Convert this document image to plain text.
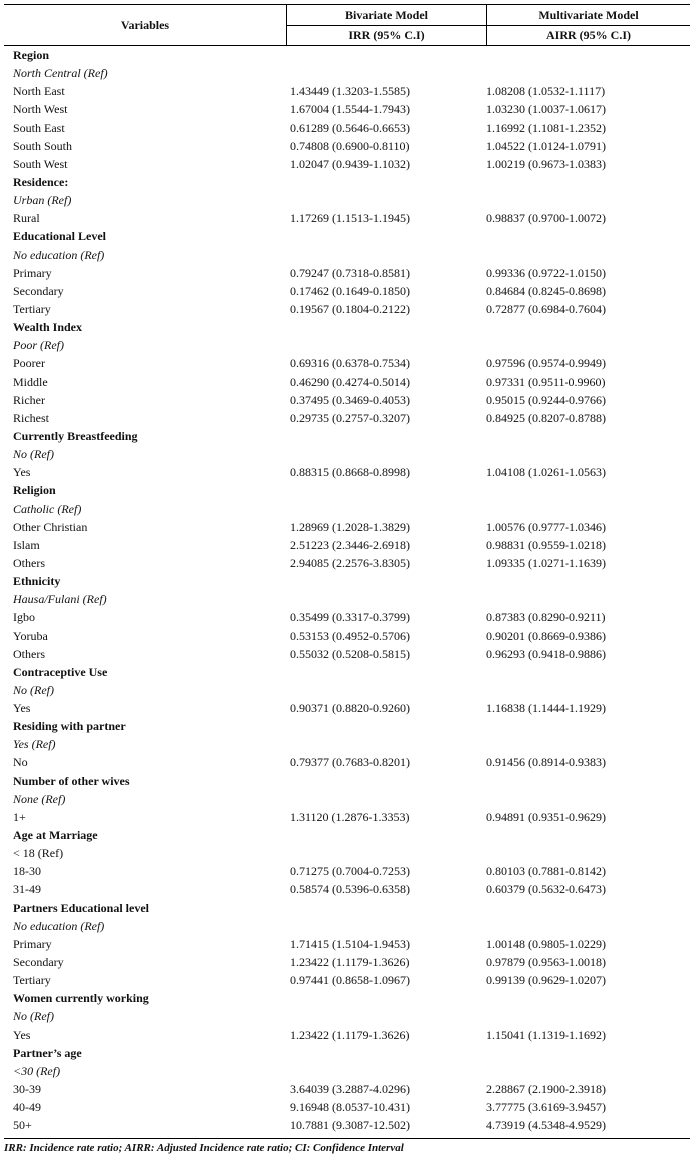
Variables
Bivariate Model	Multivariate Model
IRR (95% C.I)	AIRR (95% C.I)
Region
North Central (Ref)
North East	1.43449 (1.3203-1.5585)	1.08208 (1.0532-1.1117)
North West	1.67004 (1.5544-1.7943)	1.03230 (1.0037-1.0617)
South East	0.61289 (0.5646-0.6653)	1.16992 (1.1081-1.2352)
South South	0.74808 (0.6900-0.8110)	1.04522 (1.0124-1.0791)
South West	1.02047 (0.9439-1.1032)	1.00219 (0.9673-1.0383)
Residence:
Urban (Ref)
Rural	1.17269 (1.1513-1.1945)	0.98837 (0.9700-1.0072)
Educational Level
No education (Ref)
Primary	0.79247 (0.7318-0.8581)	0.99336 (0.9722-1.0150)
Secondary	0.17462 (0.1649-0.1850)	0.84684 (0.8245-0.8698)
Tertiary	0.19567 (0.1804-0.2122)	0.72877 (0.6984-0.7604)
Wealth Index
Poor (Ref)
Poorer	0.69316 (0.6378-0.7534)	0.97596 (0.9574-0.9949)
Middle	0.46290 (0.4274-0.5014)	0.97331 (0.9511-0.9960)
Richer	0.37495 (0.3469-0.4053)	0.95015 (0.9244-0.9766)
Richest	0.29735 (0.2757-0.3207)	0.84925 (0.8207-0.8788)
Currently Breastfeeding
No (Ref)
Yes	0.88315 (0.8668-0.8998)	1.04108 (1.0261-1.0563)
Religion
Catholic (Ref)
Other Christian	1.28969 (1.2028-1.3829)	1.00576 (0.9777-1.0346)
Islam	2.51223 (2.3446-2.6918)	0.98831 (0.9559-1.0218)
Others	2.94085 (2.2576-3.8305)	1.09335 (1.0271-1.1639)
Ethnicity
Hausa/Fulani (Ref)
Igbo	0.35499 (0.3317-0.3799)	0.87383 (0.8290-0.9211)
Yoruba	0.53153 (0.4952-0.5706)	0.90201 (0.8669-0.9386)
Others	0.55032 (0.5208-0.5815)	0.96293 (0.9418-0.9886)
Contraceptive Use
No (Ref)
Yes	0.90371 (0.8820-0.9260)	1.16838 (1.1444-1.1929)
Residing with partner
Yes (Ref)
No	0.79377 (0.7683-0.8201)	0.91456 (0.8914-0.9383)
Number of other wives
None (Ref)
1+	1.31120 (1.2876-1.3353)	0.94891 (0.9351-0.9629)
Age at Marriage
< 18 (Ref)
18-30	0.71275 (0.7004-0.7253)	0.80103 (0.7881-0.8142)
31-49	0.58574 (0.5396-0.6358)	0.60379 (0.5632-0.6473)
Partners Educational level
No education (Ref)
Primary	1.71415 (1.5104-1.9453)	1.00148 (0.9805-1.0229)
Secondary	1.23422 (1.1179-1.3626)	0.97879 (0.9563-1.0018)
Tertiary	0.97441 (0.8658-1.0967)	0.99139 (0.9629-1.0207)
Women currently working
No (Ref)
Yes	1.23422 (1.1179-1.3626)	1.15041 (1.1319-1.1692)
Partner’s age
<30 (Ref)
30-39	3.64039 (3.2887-4.0296)	2.28867 (2.1900-2.3918)
40-49	9.16948 (8.0537-10.431)	3.77775 (3.6169-3.9457)
50+	10.7881 (9.3087-12.502)	4.73919 (4.5348-4.9529)
IRR: Incidence rate ratio; AIRR: Adjusted Incidence rate ratio; CI: Confidence Interval
